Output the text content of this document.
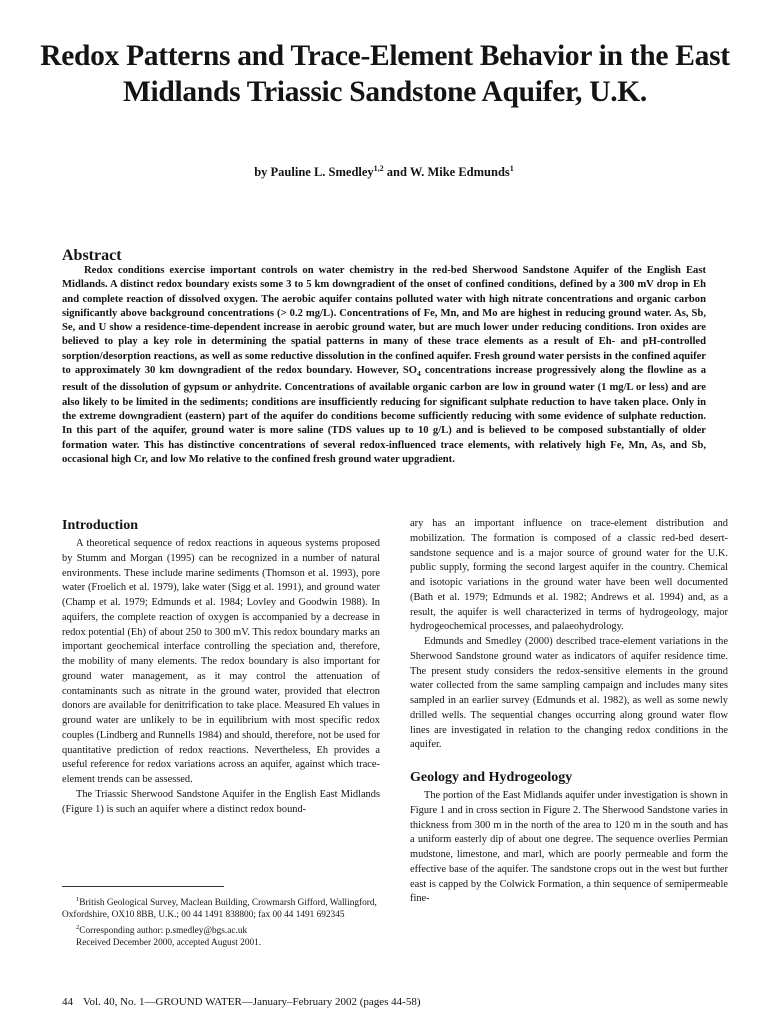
Redox Patterns and Trace-Element Behavior in the East Midlands Triassic Sandstone Aquifer, U.K.
by Pauline L. Smedley$^{1,2}$ and W. Mike Edmunds$^1$
Abstract

Redox conditions exercise important controls on water chemistry in the red-bed Sherwood Sandstone Aquifer of the English East Midlands. A distinct redox boundary exists some 3 to 5 km downgradient of the onset of confined conditions, defined by a 300 mV drop in Eh and complete reaction of dissolved oxygen. The aerobic aquifer contains polluted water with high nitrate concentrations and organic carbon significantly above background concentrations (> 0.2 mg/L). Concentrations of Fe, Mn, and Mo are highest in reducing ground water. As, Sb, Se, and U show a residence-time-dependent increase in aerobic ground water, but are much lower under reducing conditions. Iron oxides are believed to play a key role in determining the spatial patterns in many of these trace elements as a result of Eh- and pH-controlled sorption/desorption reactions, as well as some reductive dissolution in the confined aquifer. Fresh ground water persists in the confined aquifer to approximately 30 km downgradient of the redox boundary. However, $SO_4$ concentrations increase progressively along the flowline as a result of the dissolution of gypsum or anhydrite. Concentrations of available organic carbon are low in ground water (1 mg/L or less) and are also likely to be limited in the sediments; conditions are insufficiently reducing for significant sulphate reduction to have taken place. Only in the extreme downgradient (eastern) part of the aquifer do conditions become sufficiently reducing with some evidence of sulphate reduction. In this part of the aquifer, ground water is more saline (TDS values up to 10 g/L) and is believed to be composed substantially of older formation water. This has distinctive concentrations of several redox-influenced trace elements, with relatively high Fe, Mn, As, and Sb, occasional high Cr, and low Mo relative to the confined fresh ground water upgradient.

Introduction

A theoretical sequence of redox reactions in aqueous systems proposed by Stumm and Morgan (1995) can be recognized in a number of natural environments. These include marine sediments (Thomson et al. 1993), pore water (Froelich et al. 1979), lake water (Sigg et al. 1991), and ground water (Champ et al. 1979; Edmunds et al. 1984; Lovley and Goodwin 1988). In aquifers, the complete reaction of oxygen is accompanied by a decrease in redox potential (Eh) of about 250 to 300 mV. This redox boundary marks an important geochemical interface controlling the speciation and, therefore, the mobility of many elements. The redox boundary is also important for ground water management, as it may control the attenuation of contaminants such as nitrate in the ground water, provided that electron donors are available for denitrification to take place. Measured Eh values in ground water are unlikely to be in equilibrium with most specific redox couples (Lindberg and Runnells 1984) and should, therefore, not be used for quantitative prediction of redox reactions. Nevertheless, Eh provides a useful reference for redox variations across an aquifer, against which trace-element trends can be assessed.

The Triassic Sherwood Sandstone Aquifer in the English East Midlands (Figure 1) is such an aquifer where a distinct redox bound-

ary has an important influence on trace-element distribution and mobilization. The formation is composed of a classic red-bed desert-sandstone sequence and is a major source of ground water for the U.K. public supply, forming the second largest aquifer in the country. Chemical and isotopic variations in the ground water have been well documented (Bath et al. 1979; Edmunds et al. 1982; Andrews et al. 1994) and, as a result, the aquifer is well characterized in terms of hydrogeology, major hydrogeochemical processes, and palaeohydrology.

Edmunds and Smedley (2000) described trace-element variations in the Sherwood Sandstone ground water as indicators of aquifer residence time. The present study considers the redox-sensitive elements in the ground water collected from the same sampling campaign and includes many sites sampled in an earlier survey (Edmunds et al. 1982), as well as some newly drilled wells. The sequential changes occurring along ground water flow lines are investigated in relation to the changing redox conditions in the aquifer.

Geology and Hydrogeology

The portion of the East Midlands aquifer under investigation is shown in Figure 1 and in cross section in Figure 2. The Sherwood Sandstone varies in thickness from 300 m in the north of the area to 120 m in the south and has a uniform easterly dip of about one degree. The sequence overlies Permian mudstone, limestone, and marl, which are poorly permeable and form the effective base of the aquifer. The sandstone crops out in the west but further east is capped by the Colwick Formation, a thin sequence of semipermeable fine-

$^1$British Geological Survey, Maclean Building, Crowmarsh Gifford, Wallingford, Oxfordshire, OX10 8BB, U.K.; 00 44 1491 838800; fax 00 44 1491 692345

$^2$Corresponding author: p.smedley@bgs.ac.uk

Received December 2000, accepted August 2001.

44 Vol. 40, No. 1—GROUND WATER—January–February 2002 (pages 44-58)
